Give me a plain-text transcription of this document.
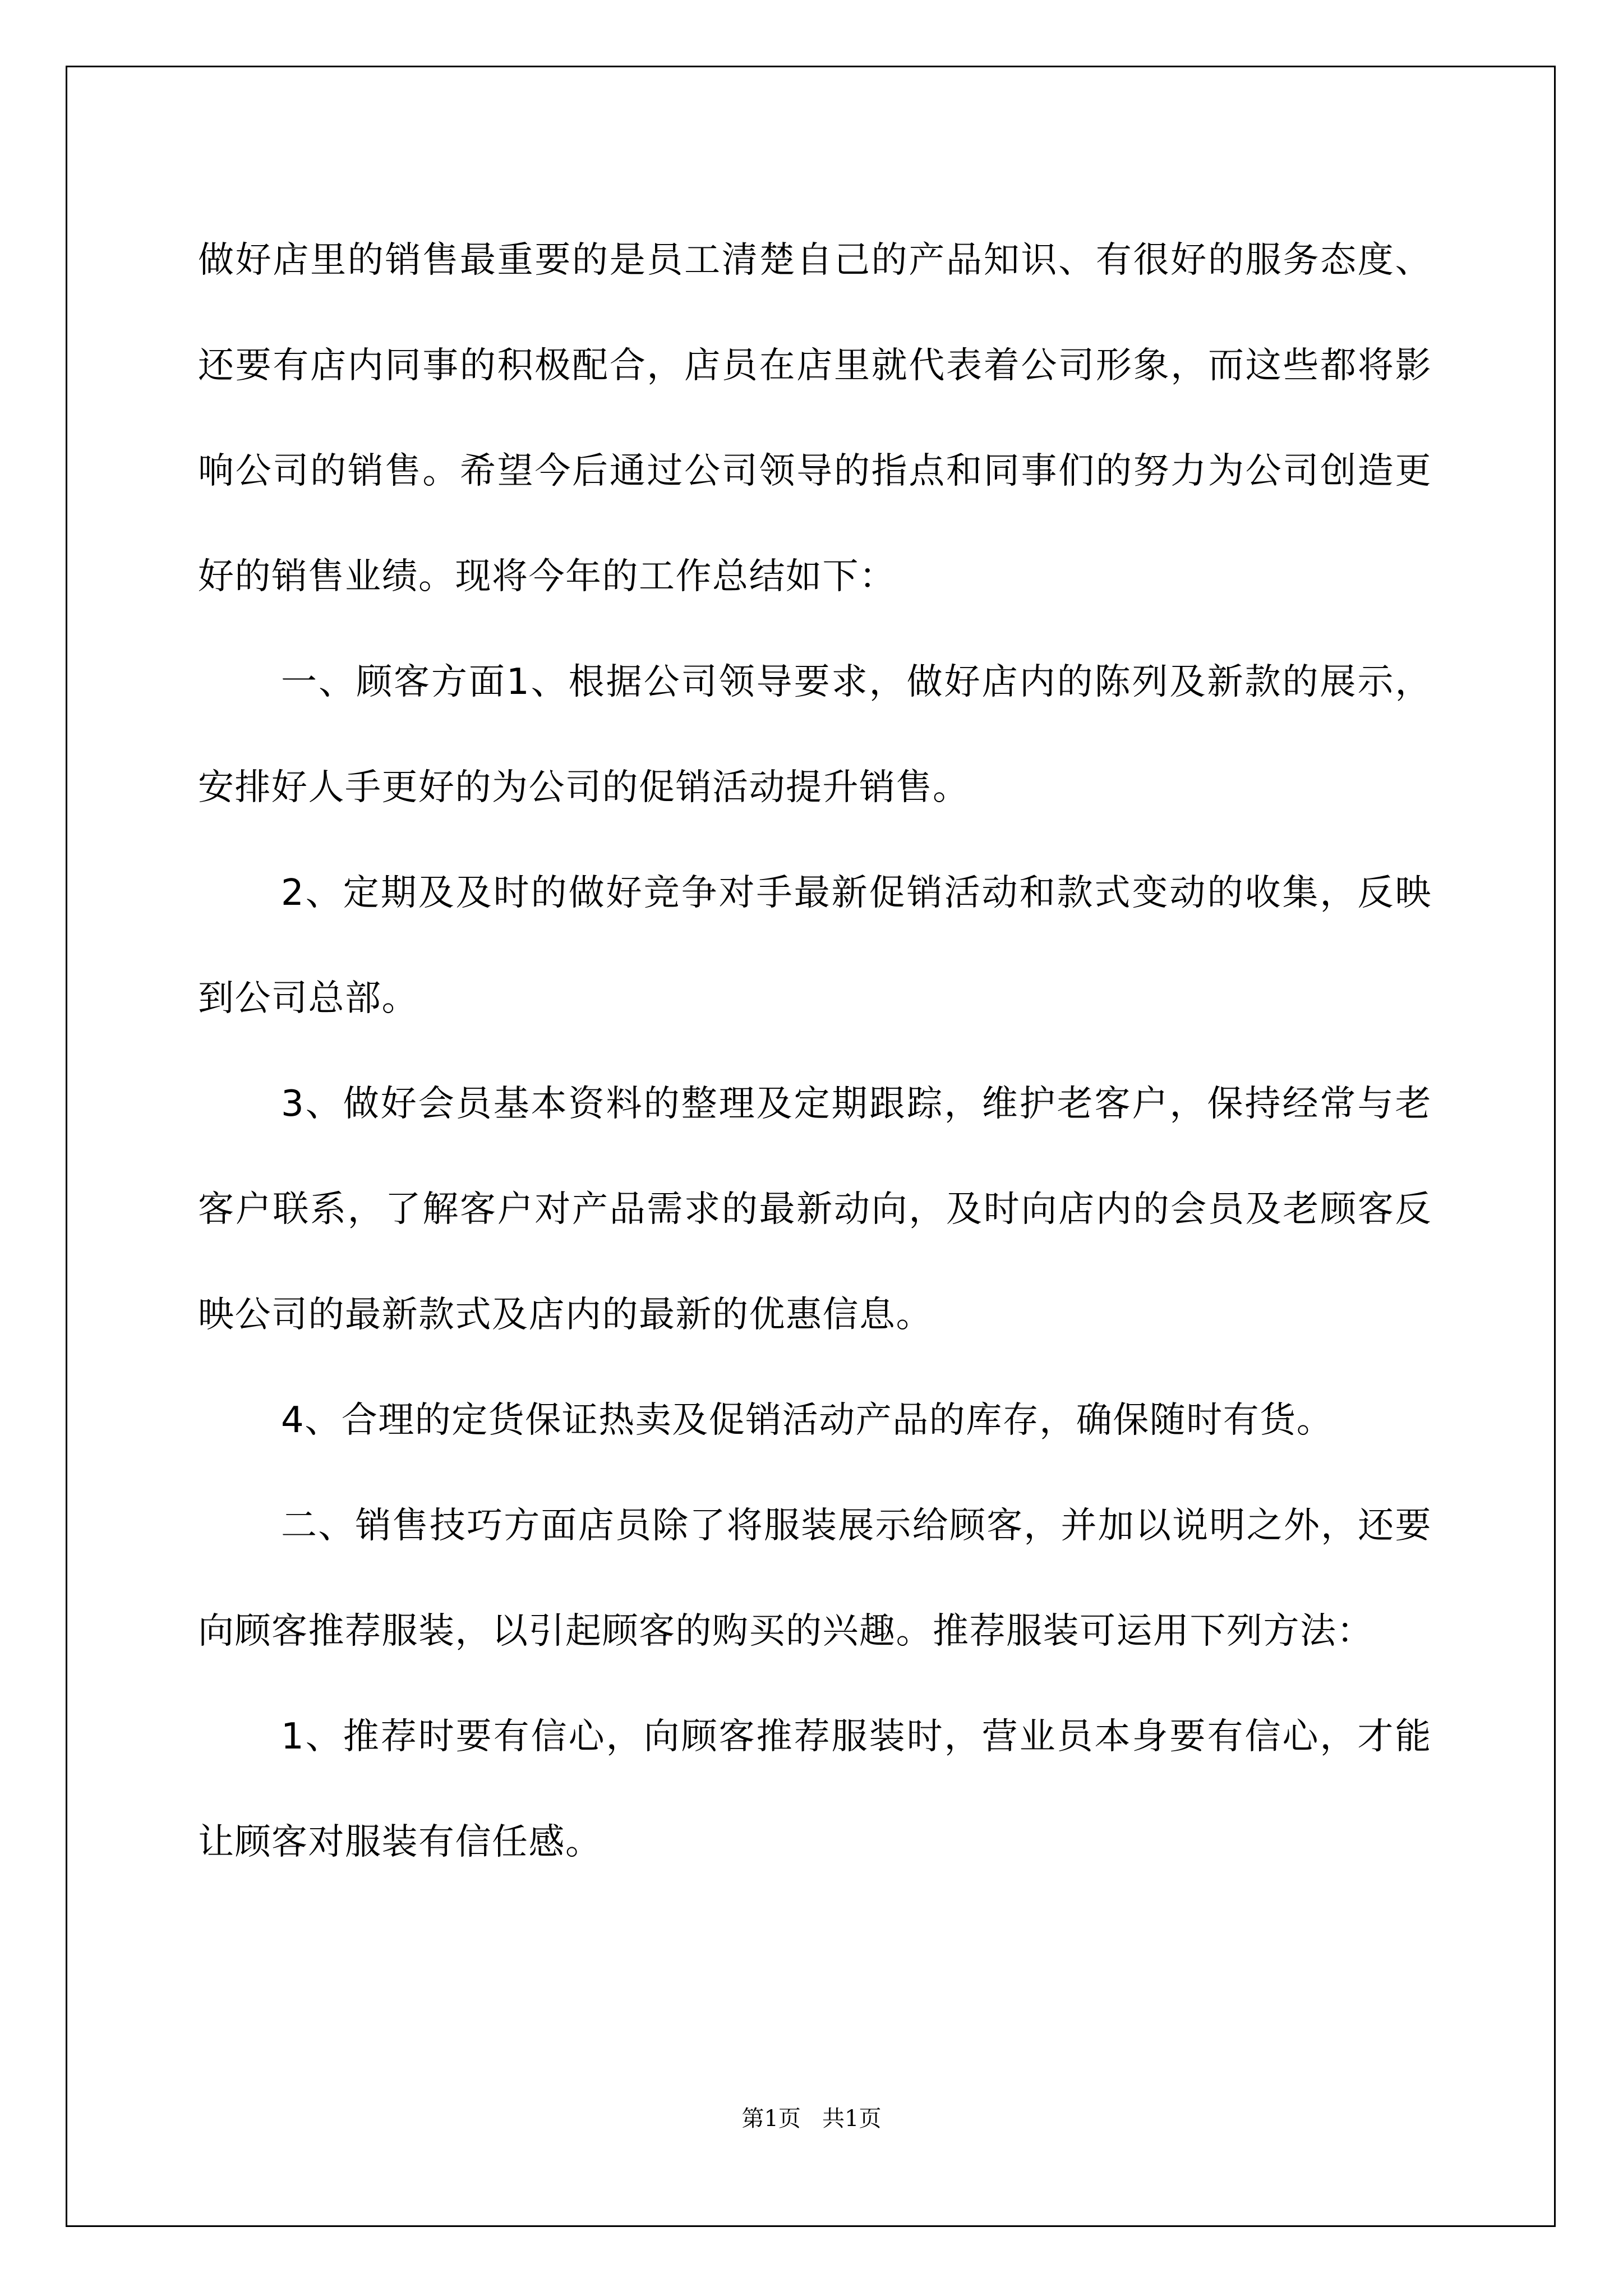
做好店里的销售最重要的是员工清楚自己的产品知识、有很好的服务态度、还要有店内同事的积极配合，店员在店里就代表着公司形象，而这些都将影响公司的销售。希望今后通过公司领导的指点和同事们的努力为公司创造更好的销售业绩。现将今年的工作总结如下：

一、顾客方面1、根据公司领导要求，做好店内的陈列及新款的展示，安排好人手更好的为公司的促销活动提升销售。

2、定期及及时的做好竞争对手最新促销活动和款式变动的收集，反映到公司总部。

3、做好会员基本资料的整理及定期跟踪，维护老客户，保持经常与老客户联系，了解客户对产品需求的最新动向，及时向店内的会员及老顾客反映公司的最新款式及店内的最新的优惠信息。

4、合理的定货保证热卖及促销活动产品的库存，确保随时有货。

二、销售技巧方面店员除了将服装展示给顾客，并加以说明之外，还要向顾客推荐服装，以引起顾客的购买的兴趣。推荐服装可运用下列方法：

1、推荐时要有信心，向顾客推荐服装时，营业员本身要有信心，才能让顾客对服装有信任感。

第1页   共1页
